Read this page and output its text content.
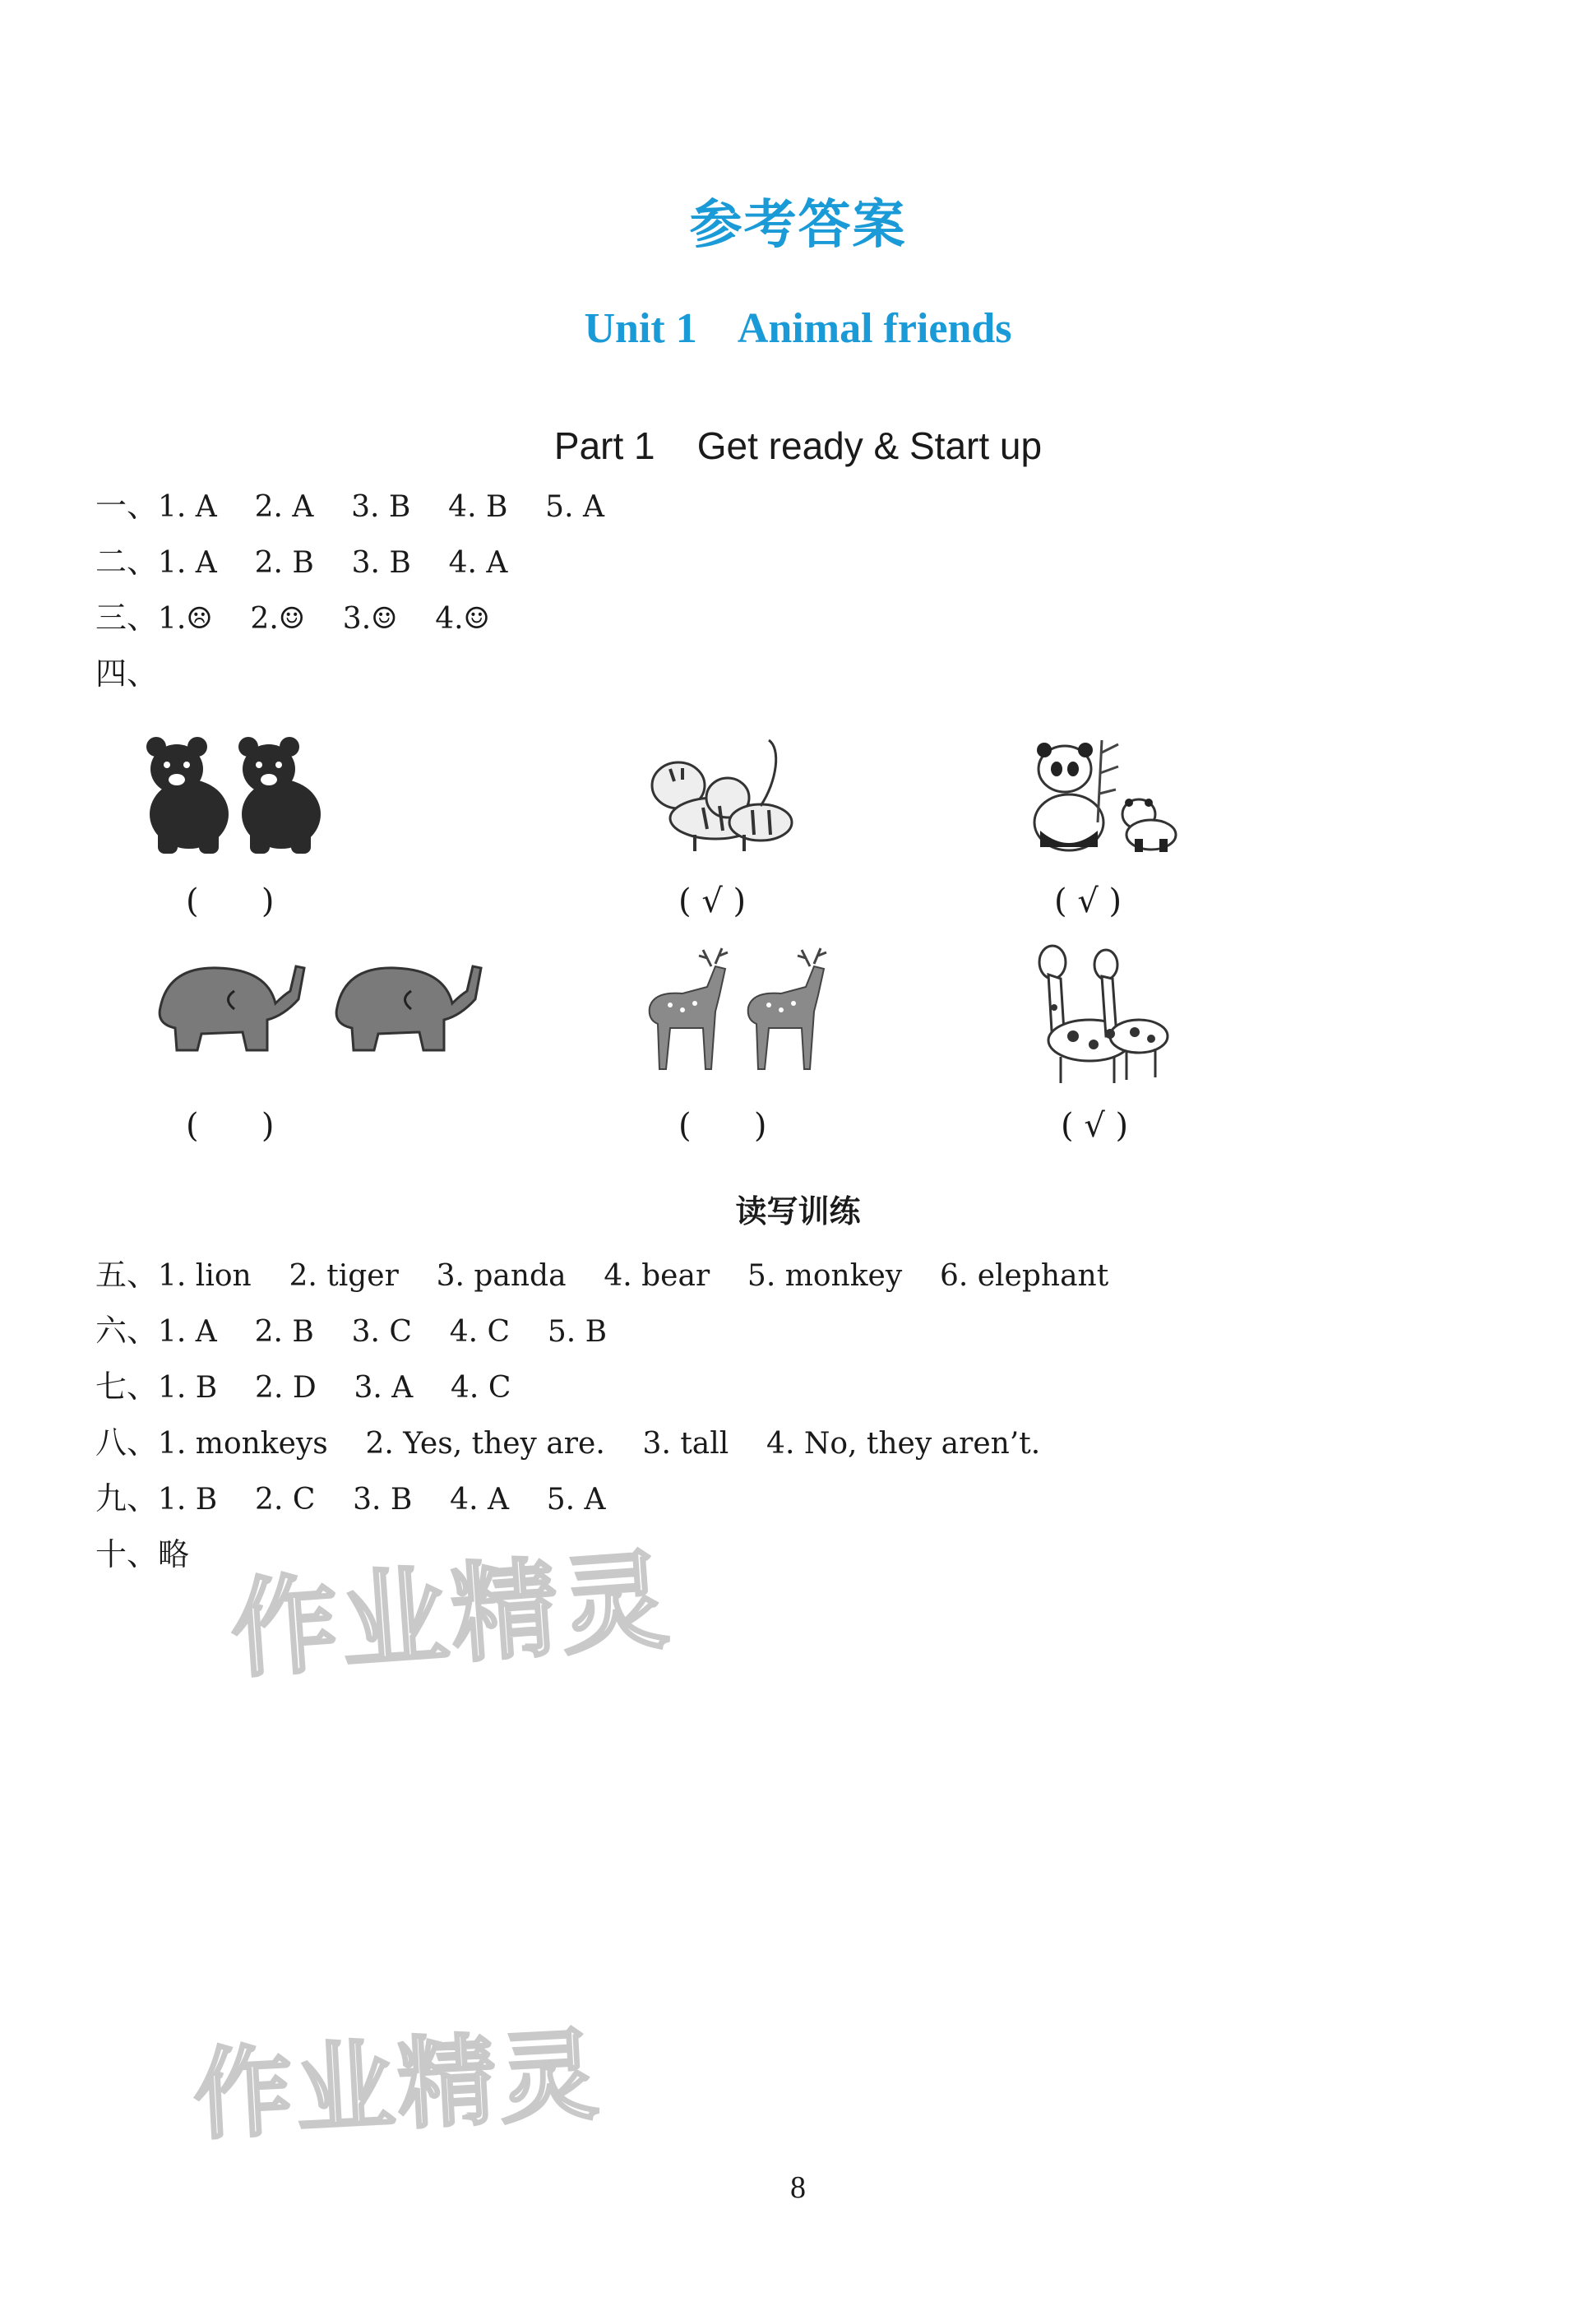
参考答案
Unit 1    Animal friends
Part 1    Get ready & Start up
一、1. A    2. A    3. B    4. B    5. A
二、1. A    2. B    3. B    4. A
三、1.☹    2.☺    3.☺    4.☺
四、
(      )	( √ )	( √ )
(      )	(      )	( √ )
读写训练
五、1. lion    2. tiger    3. panda    4. bear    5. monkey    6. elephant
六、1. A    2. B    3. C    4. C    5. B
七、1. B    2. D    3. A    4. C
八、1. monkeys    2. Yes, they are.    3. tall    4. No, they aren’t.
九、1. B    2. C    3. B    4. A    5. A
十、略 作业精灵
作业精灵
8
